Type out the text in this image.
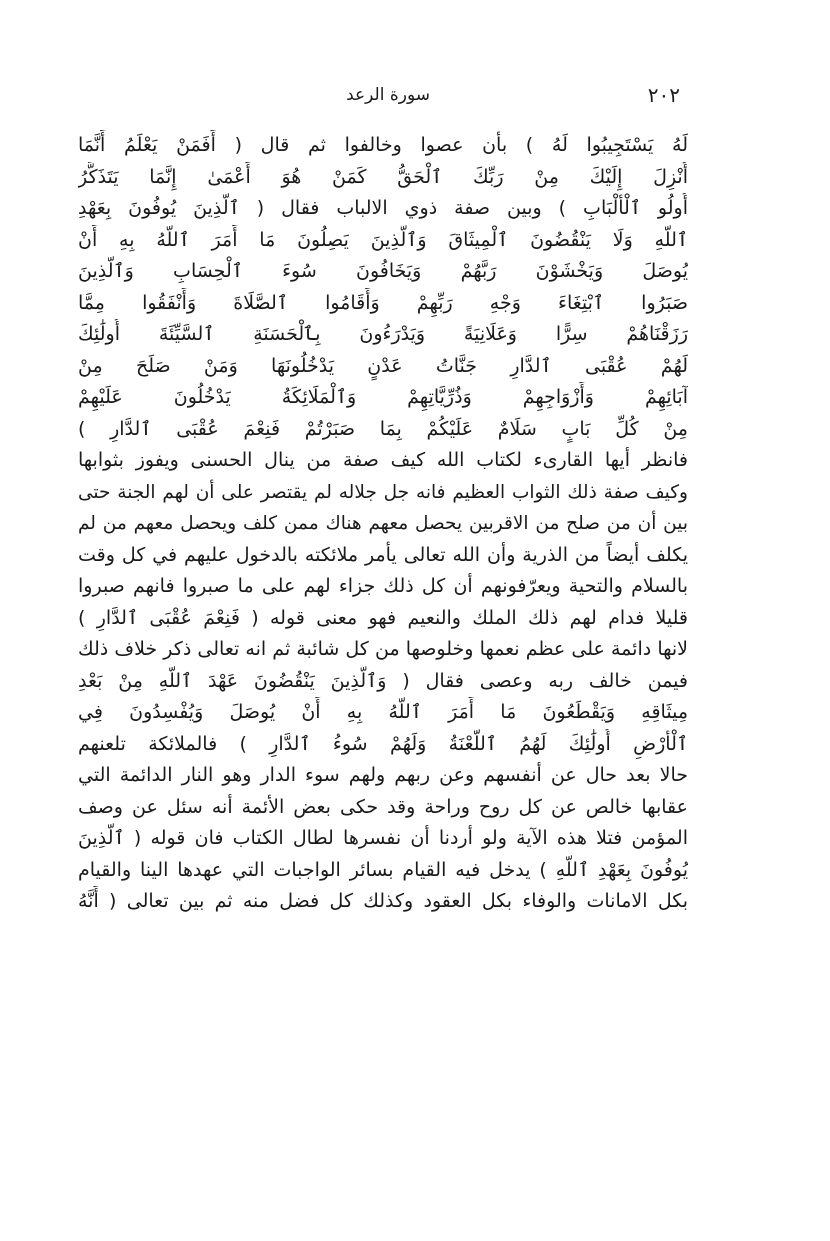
٢٠٢
سورة الرعد
لَهُ يَسْتَجِيبُوا لَهُ ) بأن عصوا وخالفوا ثم قال ( أَفَمَنْ يَعْلَمُ أَنَّمَا
أُنْزِلَ إِلَيْكَ مِنْ رَبِّكَ ٱلْحَقُّ كَمَنْ هُوَ أَعْمَىٰ إِنَّمَا يَتَذَكَّرُ
أُولُو ٱلْأَلْبَابِ ) وبين صفة ذوي الالباب فقال ( ٱلَّذِينَ يُوفُونَ بِعَهْدِ
ٱللَّهِ وَلَا يَنْقُضُونَ ٱلْمِيثَاقَ وَٱلَّذِينَ يَصِلُونَ مَا أَمَرَ ٱللَّهُ بِهِ أَنْ
يُوصَلَ وَيَخْشَوْنَ رَبَّهُمْ وَيَخَافُونَ سُوءَ ٱلْحِسَابِ وَٱلَّذِينَ
صَبَرُوا ٱبْتِغَاءَ وَجْهِ رَبِّهِمْ وَأَقَامُوا ٱلصَّلَاةَ وَأَنْفَقُوا مِمَّا
رَزَقْنَاهُمْ سِرًّا وَعَلَانِيَةً وَيَدْرَءُونَ بِٱلْحَسَنَةِ ٱلسَّيِّئَةَ أُولَٰئِكَ
لَهُمْ عُقْبَى ٱلدَّارِ جَنَّاتُ عَدْنٍ يَدْخُلُونَهَا وَمَنْ صَلَحَ مِنْ
آبَائِهِمْ وَأَزْوَاجِهِمْ وَذُرِّيَّاتِهِمْ وَٱلْمَلَائِكَةُ يَدْخُلُونَ عَلَيْهِمْ
مِنْ كُلِّ بَابٍ سَلَامٌ عَلَيْكُمْ بِمَا صَبَرْتُمْ فَنِعْمَ عُقْبَى ٱلدَّارِ )
فانظر أيها القارىء لكتاب الله كيف صفة من ينال الحسنى ويفوز بثوابها
وكيف صفة ذلك الثواب العظيم فانه جل جلاله لم يقتصر على أن لهم الجنة حتى
بين أن من صلح من الاقربين يحصل معهم هناك ممن كلف ويحصل معهم من لم
يكلف أيضاً من الذرية وأن الله تعالى يأمر ملائكته بالدخول عليهم في كل وقت
بالسلام والتحية ويعرّفونهم أن كل ذلك جزاء لهم على ما صبروا فانهم صبروا
قليلا فدام لهم ذلك الملك والنعيم فهو معنى قوله ( فَنِعْمَ عُقْبَى ٱلدَّارِ )
لانها دائمة على عظم نعمها وخلوصها من كل شائبة ثم انه تعالى ذكر خلاف ذلك
فيمن خالف ربه وعصى فقال ( وَٱلَّذِينَ يَنْقُضُونَ عَهْدَ ٱللَّهِ مِنْ بَعْدِ
مِيثَاقِهِ وَيَقْطَعُونَ مَا أَمَرَ ٱللَّهُ بِهِ أَنْ يُوصَلَ وَيُفْسِدُونَ فِي
ٱلْأَرْضِ أُولَٰئِكَ لَهُمُ ٱللَّعْنَةُ وَلَهُمْ سُوءُ ٱلدَّارِ ) فالملائكة تلعنهم
حالا بعد حال عن أنفسهم وعن ربهم ولهم سوء الدار وهو النار الدائمة التي
عقابها خالص عن كل روح وراحة وقد حكى بعض الأئمة أنه سئل عن وصف
المؤمن فتلا هذه الآية ولو أردنا أن نفسرها لطال الكتاب فان قوله ( ٱلَّذِينَ
يُوفُونَ بِعَهْدِ ٱللَّهِ ) يدخل فيه القيام بسائر الواجبات التي عهدها الينا والقيام
بكل الامانات والوفاء بكل العقود وكذلك كل فضل منه ثم بين تعالى ( أَنَّهُ
